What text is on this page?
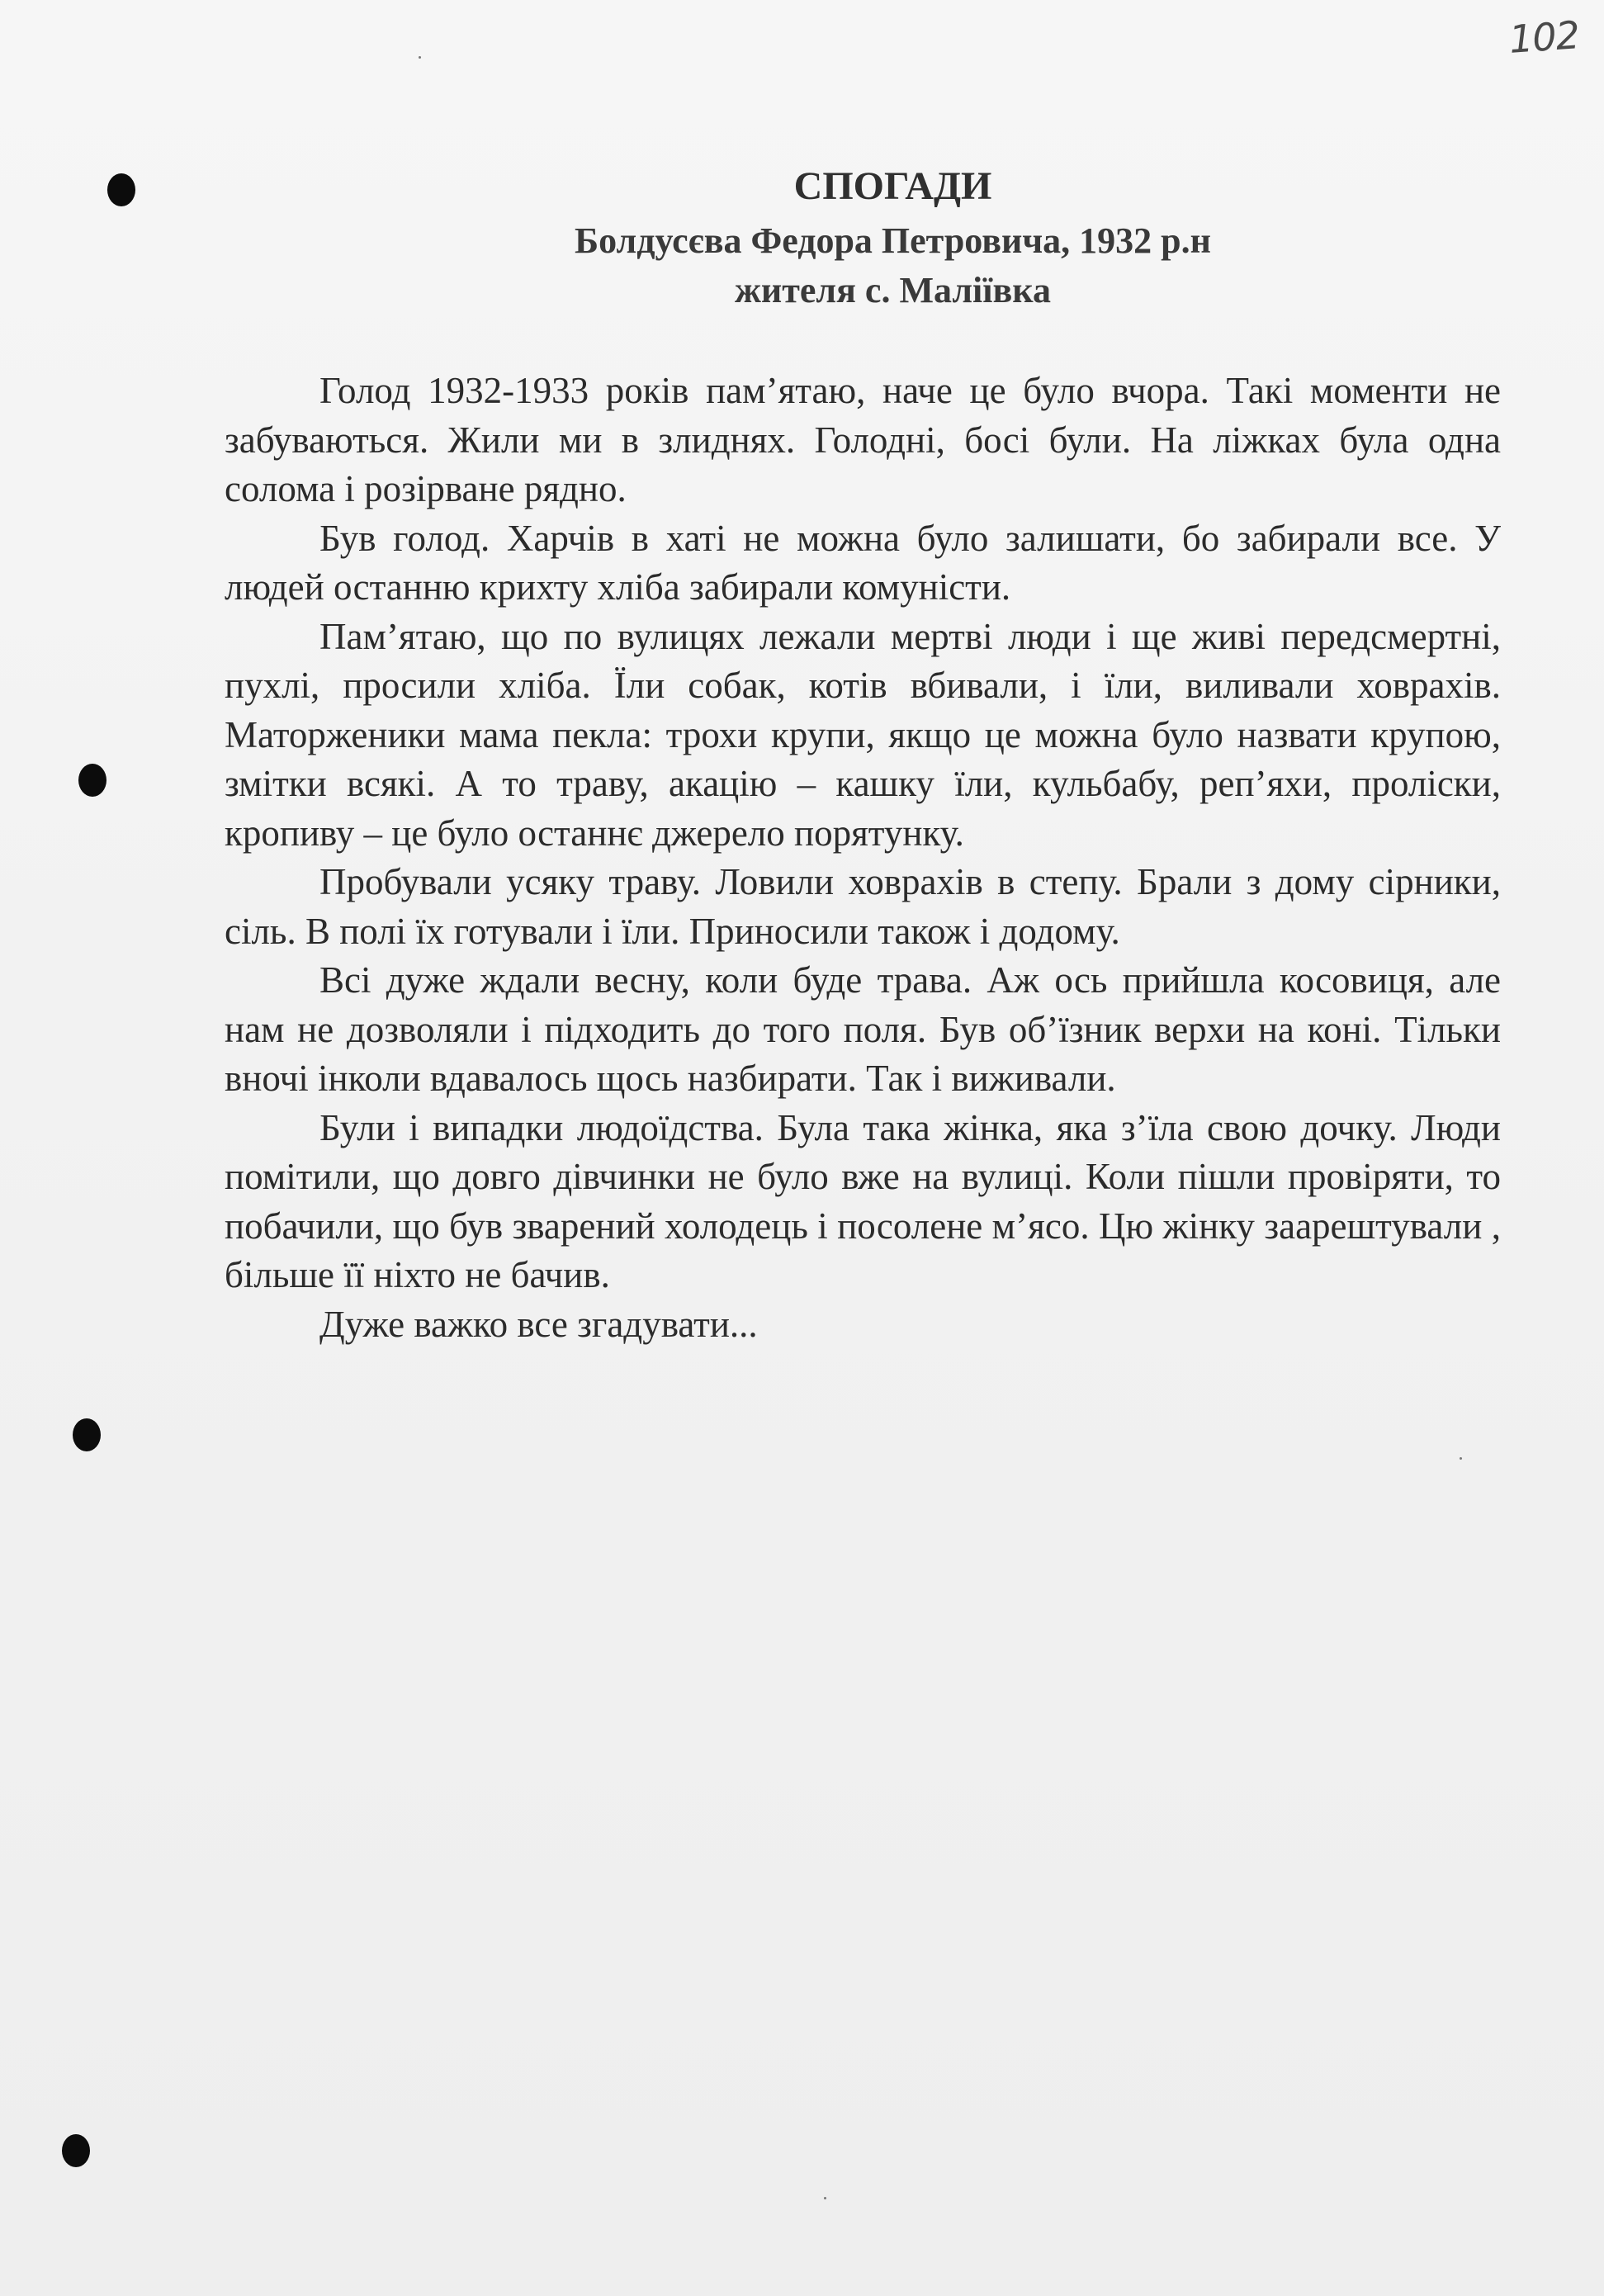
102
СПОГАДИ
Болдусєва Федора Петровича, 1932 р.н
жителя с. Маліївка

Голод 1932-1933 років пам’ятаю, наче це було вчора. Такі моменти не забуваються. Жили ми в злиднях. Голодні, босі були. На ліжках була одна солома і розірване рядно.

Був голод. Харчів в хаті не можна було залишати, бо забирали все. У людей останню крихту хліба забирали комуністи.

Пам’ятаю, що по вулицях лежали мертві люди і ще живі передсмертні, пухлі, просили хліба. Їли собак, котів вбивали, і їли, виливали ховрахів. Маторженики мама пекла: трохи крупи, якщо це можна було назвати крупою, змітки всякі. А то траву, акацію – кашку їли, кульбабу, реп’яхи, проліски, кропиву – це було останнє джерело порятунку.

Пробували усяку траву. Ловили ховрахів в степу. Брали з дому сірники, сіль. В полі їх готували і їли. Приносили також і додому.

Всі дуже ждали весну, коли буде трава. Аж ось прийшла косовиця, але нам не дозволяли і підходить до того поля. Був об’їзник верхи на коні. Тільки вночі інколи вдавалось щось назбирати. Так і виживали.

Були і випадки людоїдства. Була така жінка, яка з’їла свою дочку. Люди помітили, що довго дівчинки не було вже на вулиці. Коли пішли провіряти, то побачили, що був зварений холодець і посолене м’ясо. Цю жінку заарештували , більше її ніхто не бачив.

Дуже важко все згадувати...
